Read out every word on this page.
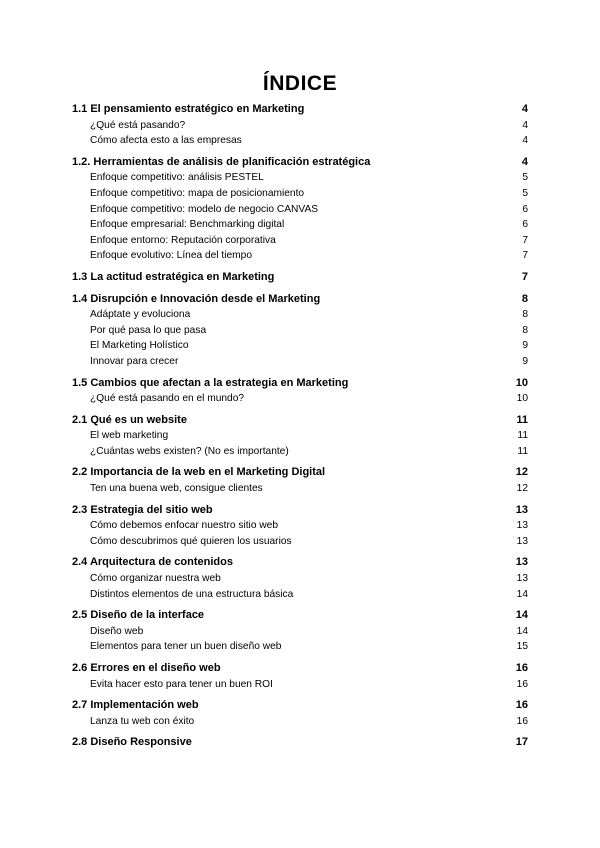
ÍNDICE
1.1 El pensamiento estratégico en Marketing	4
¿Qué está pasando?	4
Cómo afecta esto a las empresas	4
1.2. Herramientas de análisis de planificación estratégica	4
Enfoque competitivo: análisis PESTEL	5
Enfoque competitivo: mapa de posicionamiento	5
Enfoque competitivo: modelo de negocio CANVAS	6
Enfoque empresarial: Benchmarking digital	6
Enfoque entorno: Reputación corporativa	7
Enfoque evolutivo: Línea del tiempo	7
1.3 La actitud estratégica en Marketing	7
1.4 Disrupción e Innovación desde el Marketing	8
Adáptate y evoluciona	8
Por qué pasa lo que pasa	8
El Marketing Holístico	9
Innovar para crecer	9
1.5 Cambios que afectan a la estrategia en Marketing	10
¿Qué está pasando en el mundo?	10
2.1 Qué es un website	11
El web marketing	11
¿Cuántas webs existen? (No es importante)	11
2.2 Importancia de la web en el Marketing Digital	12
Ten una buena web, consigue clientes	12
2.3 Estrategia del sitio web	13
Cómo debemos enfocar nuestro sitio web	13
Cómo descubrimos qué quieren los usuarios	13
2.4 Arquitectura de contenidos	13
Cómo organizar nuestra web	13
Distintos elementos de una estructura básica	14
2.5 Diseño de la interface	14
Diseño web	14
Elementos para tener un buen diseño web	15
2.6 Errores en el diseño web	16
Evita hacer esto para tener un buen ROI	16
2.7 Implementación web	16
Lanza tu web con éxito	16
2.8 Diseño Responsive	17
